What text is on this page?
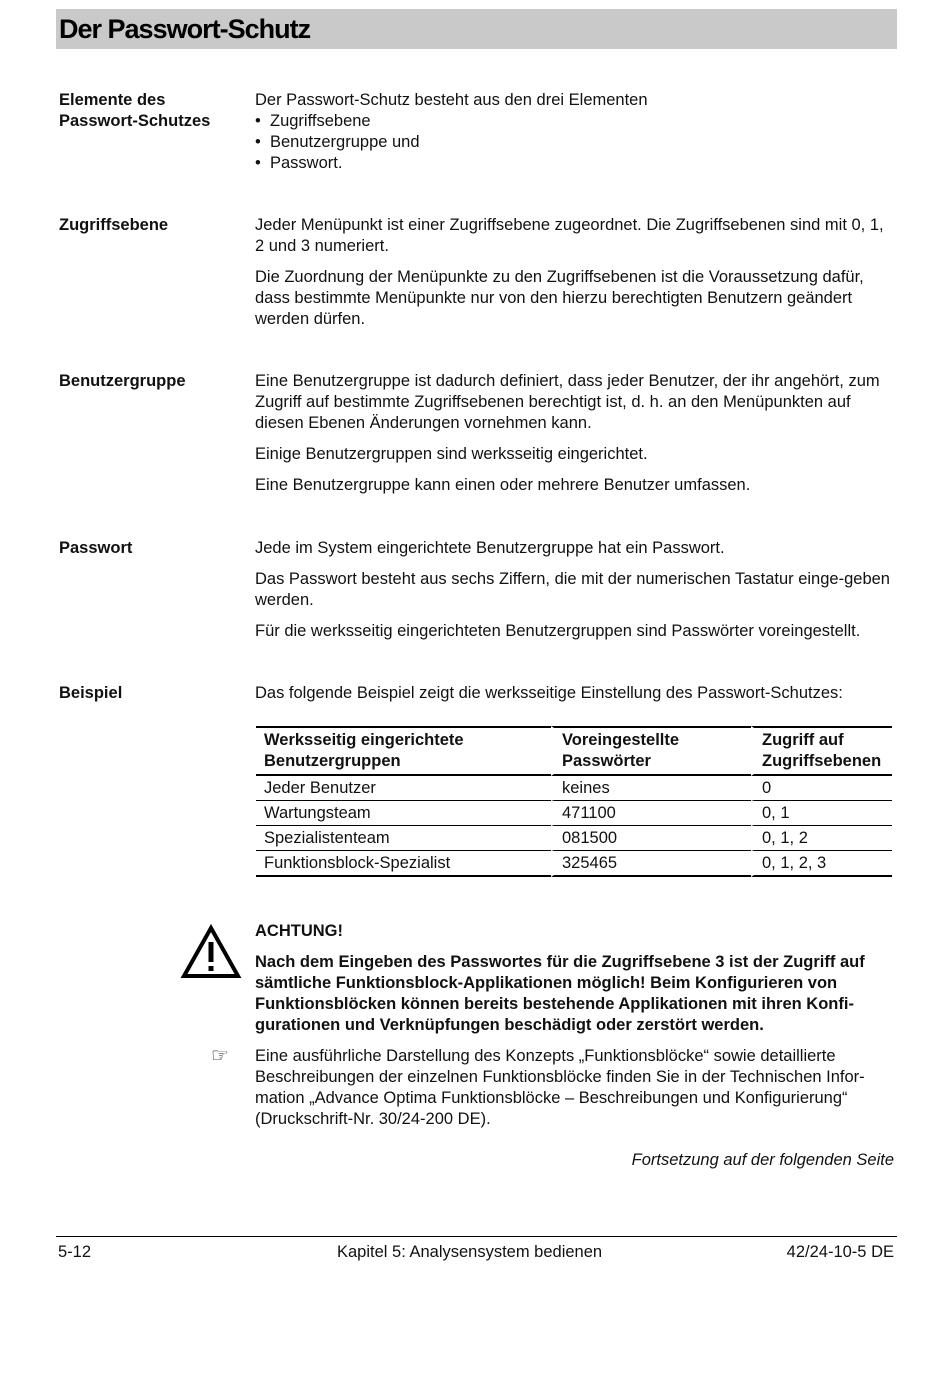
Der Passwort-Schutz
Elemente des Passwort-Schutzes
Der Passwort-Schutz besteht aus den drei Elementen
• Zugriffsebene
• Benutzergruppe und
• Passwort.
Zugriffsebene	Jeder Menüpunkt ist einer Zugriffsebene zugeordnet. Die Zugriffsebenen sind mit 0, 1, 2 und 3 numeriert.

Die Zuordnung der Menüpunkte zu den Zugriffsebenen ist die Voraussetzung dafür, dass bestimmte Menüpunkte nur von den hierzu berechtigten Benutzern geändert werden dürfen.

Benutzergruppe	Eine Benutzergruppe ist dadurch definiert, dass jeder Benutzer, der ihr angehört, zum Zugriff auf bestimmte Zugriffsebenen berechtigt ist, d. h. an den Menüpunkten auf diesen Ebenen Änderungen vornehmen kann.

Einige Benutzergruppen sind werksseitig eingerichtet.

Eine Benutzergruppe kann einen oder mehrere Benutzer umfassen.

Passwort	Jede im System eingerichtete Benutzergruppe hat ein Passwort.

Das Passwort besteht aus sechs Ziffern, die mit der numerischen Tastatur einge-geben werden.

Für die werksseitig eingerichteten Benutzergruppen sind Passwörter voreingestellt.

Beispiel	Das folgende Beispiel zeigt die werksseitige Einstellung des Passwort-Schutzes:

Werksseitig eingerichtete Benutzergruppen	Voreingestellte Passwörter	Zugriff auf Zugriffsebenen
Jeder Benutzer	keines	0
Wartungsteam	471100	0, 1
Spezialistenteam	081500	0, 1, 2
Funktionsblock-Spezialist	325465	0, 1, 2, 3

ACHTUNG!

Nach dem Eingeben des Passwortes für die Zugriffsebene 3 ist der Zugriff auf sämtliche Funktionsblock-Applikationen möglich! Beim Konfigurieren von Funktionsblöcken können bereits bestehende Applikationen mit ihren Konfi-gurationen und Verknüpfungen beschädigt oder zerstört werden.

☞ Eine ausführliche Darstellung des Konzepts „Funktionsblöcke“ sowie detaillierte Beschreibungen der einzelnen Funktionsblöcke finden Sie in der Technischen Infor-mation „Advance Optima Funktionsblöcke – Beschreibungen und Konfigurierung“ (Druckschrift-Nr. 30/24-200 DE).
Fortsetzung auf der folgenden Seite
5-12	Kapitel 5: Analysensystem bedienen	42/24-10-5 DE
